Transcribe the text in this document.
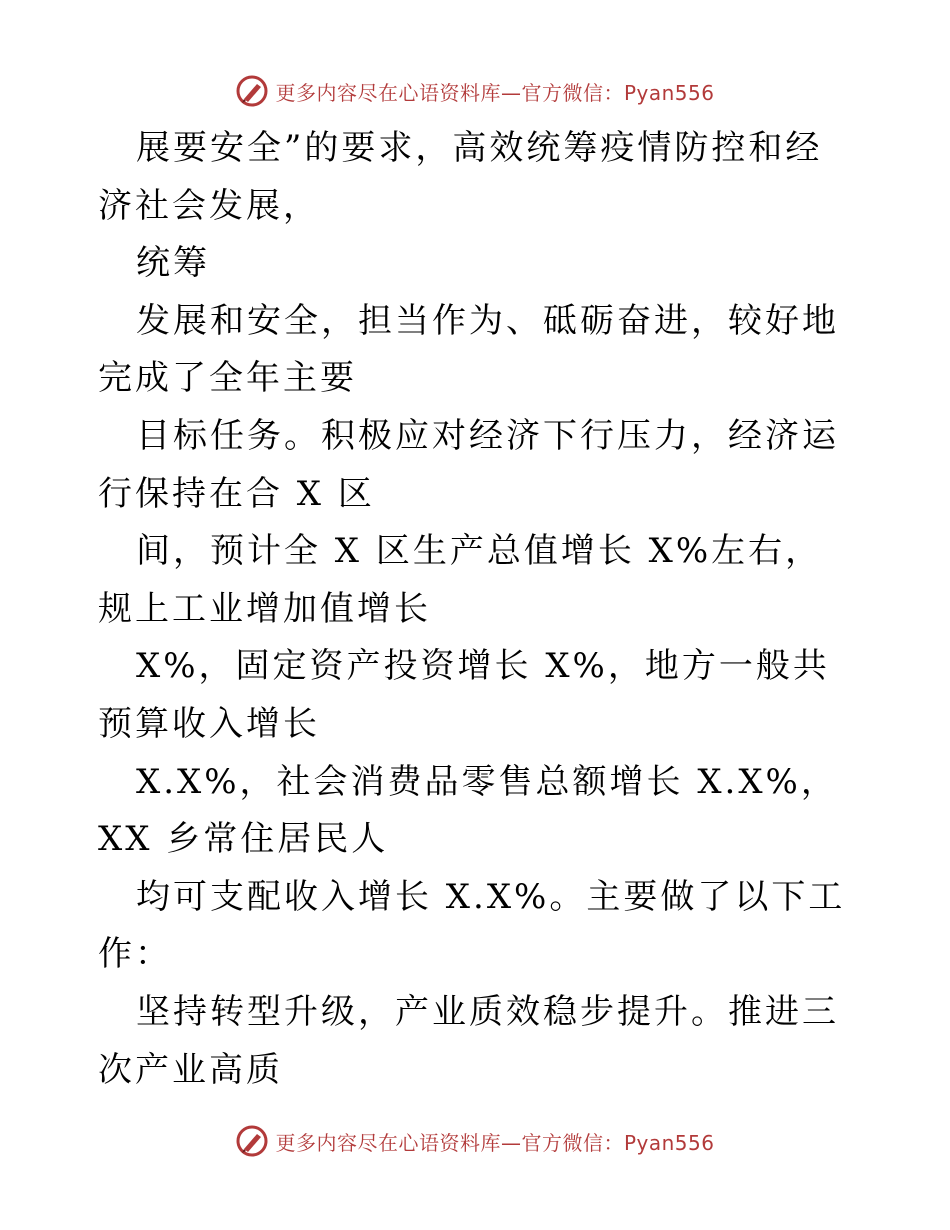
更多内容尽在心语资料库—官方微信：Pyan556

展要安全”的要求，高效统筹疫情防控和经济社会发展，

统筹

发展和安全，担当作为、砥砺奋进，较好地完成了全年主要

目标任务。积极应对经济下行压力，经济运行保持在合 X 区

间，预计全 X 区生产总值增长 X%左右，规上工业增加值增长

X%，固定资产投资增长 X%，地方一般共预算收入增长

X.X%，社会消费品零售总额增长 X.X%，XX 乡常住居民人

均可支配收入增长 X.X%。主要做了以下工作：

坚持转型升级，产业质效稳步提升。推进三次产业高质

更多内容尽在心语资料库—官方微信：Pyan556
